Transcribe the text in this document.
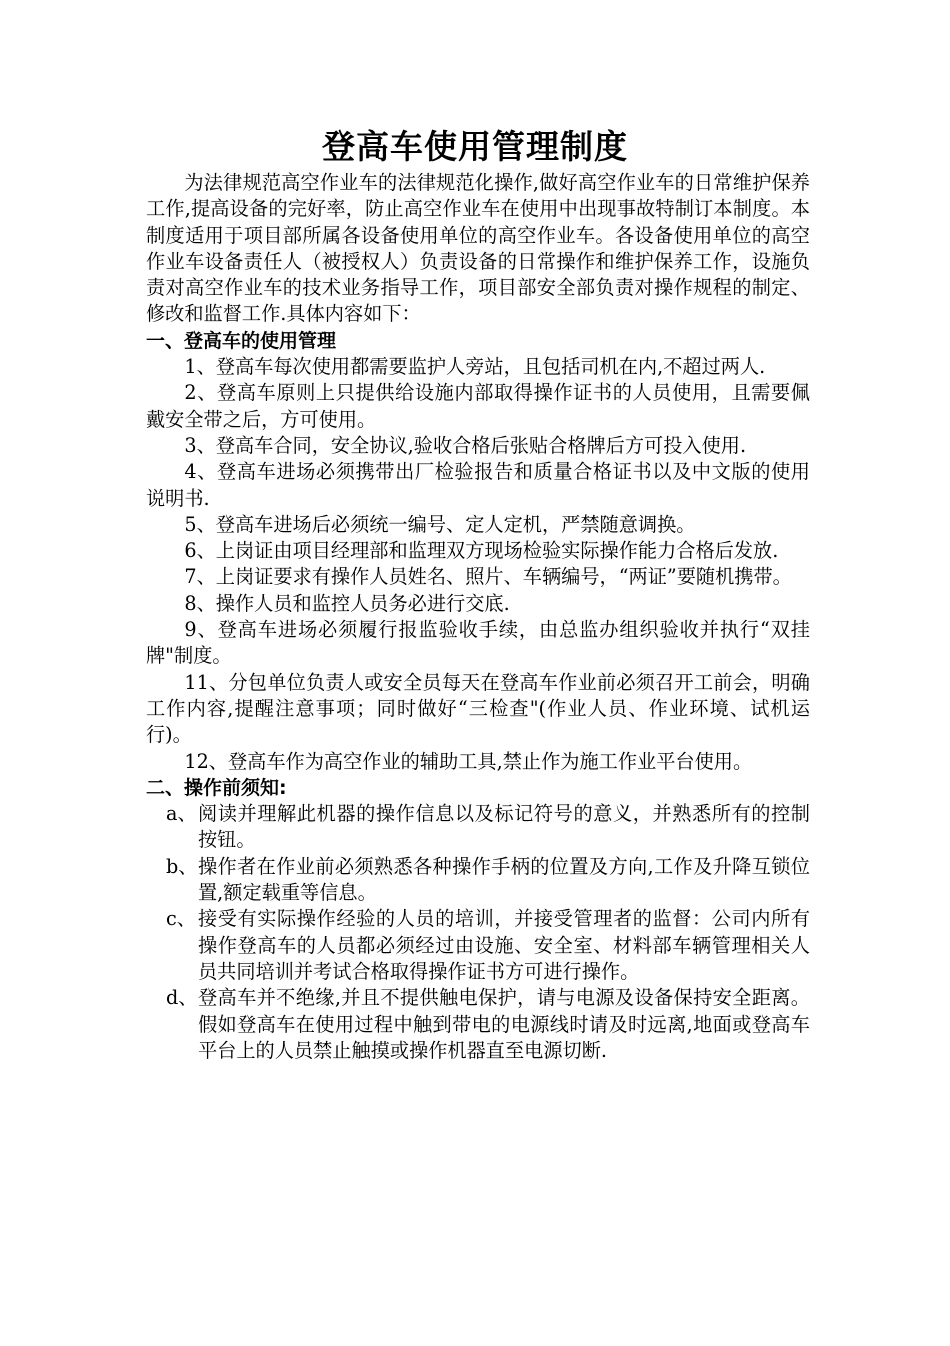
登高车使用管理制度

为法律规范高空作业车的法律规范化操作,做好高空作业车的日常维护保养工作,提高设备的完好率，防止高空作业车在使用中出现事故特制订本制度。本制度适用于项目部所属各设备使用单位的高空作业车。各设备使用单位的高空作业车设备责任人（被授权人）负责设备的日常操作和维护保养工作，设施负责对高空作业车的技术业务指导工作，项目部安全部负责对操作规程的制定、修改和监督工作.具体内容如下：

一、登高车的使用管理

1、登高车每次使用都需要监护人旁站，且包括司机在内,不超过两人.

2、登高车原则上只提供给设施内部取得操作证书的人员使用，且需要佩戴安全带之后，方可使用。

3、登高车合同，安全协议,验收合格后张贴合格牌后方可投入使用.

4、登高车进场必须携带出厂检验报告和质量合格证书以及中文版的使用说明书.

5、登高车进场后必须统一编号、定人定机，严禁随意调换。

6、上岗证由项目经理部和监理双方现场检验实际操作能力合格后发放.

7、上岗证要求有操作人员姓名、照片、车辆编号，“两证”要随机携带。

8、操作人员和监控人员务必进行交底.

9、登高车进场必须履行报监验收手续，由总监办组织验收并执行“双挂牌"制度。

11、分包单位负责人或安全员每天在登高车作业前必须召开工前会，明确工作内容,提醒注意事项；同时做好“三检查"(作业人员、作业环境、试机运行)。

12、登高车作为高空作业的辅助工具,禁止作为施工作业平台使用。

二、操作前须知:

a、 阅读并理解此机器的操作信息以及标记符号的意义，并熟悉所有的控制按钮。
b、 操作者在作业前必须熟悉各种操作手柄的位置及方向,工作及升降互锁位置,额定载重等信息。
c、 接受有实际操作经验的人员的培训，并接受管理者的监督：公司内所有操作登高车的人员都必须经过由设施、安全室、材料部车辆管理相关人员共同培训并考试合格取得操作证书方可进行操作。
d、 登高车并不绝缘,并且不提供触电保护，请与电源及设备保持安全距离。假如登高车在使用过程中触到带电的电源线时请及时远离,地面或登高车平台上的人员禁止触摸或操作机器直至电源切断.
